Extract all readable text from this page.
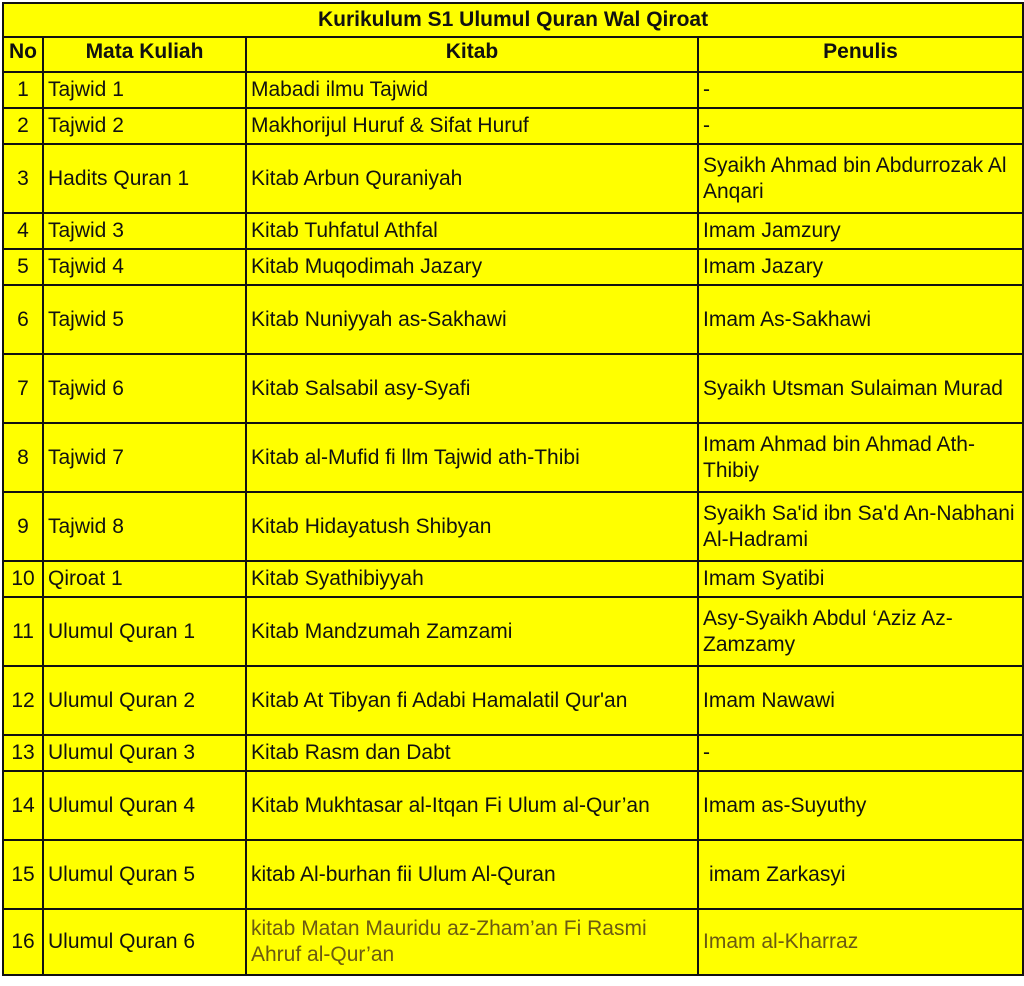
Kurikulum S1 Ulumul Quran Wal Qiroat			
No	Mata Kuliah	Kitab	Penulis
1	Tajwid 1	Mabadi ilmu Tajwid	-
2	Tajwid 2	Makhorijul Huruf & Sifat Huruf	-
3	Hadits Quran 1	Kitab Arbun Quraniyah	Syaikh Ahmad bin Abdurrozak Al Anqari
4	Tajwid 3	Kitab Tuhfatul Athfal	Imam Jamzury
5	Tajwid 4	Kitab Muqodimah Jazary	Imam Jazary
6	Tajwid 5	Kitab Nuniyyah as-Sakhawi	Imam As-Sakhawi
7	Tajwid 6	Kitab Salsabil asy-Syafi	Syaikh Utsman Sulaiman Murad
8	Tajwid 7	Kitab al-Mufid fi llm Tajwid ath-Thibi	Imam Ahmad bin Ahmad Ath-Thibiy
9	Tajwid 8	Kitab Hidayatush Shibyan	Syaikh Sa'id ibn Sa'd An-Nabhani Al-Hadrami
10	Qiroat 1	Kitab Syathibiyyah	Imam Syatibi
11	Ulumul Quran 1	Kitab Mandzumah Zamzami	Asy-Syaikh Abdul ‘Aziz Az-Zamzamy
12	Ulumul Quran 2	Kitab At Tibyan fi Adabi Hamalatil Qur'an	Imam Nawawi
13	Ulumul Quran 3	Kitab Rasm dan Dabt	-
14	Ulumul Quran 4	Kitab Mukhtasar al-Itqan Fi Ulum al-Qur’an	Imam as-Suyuthy
15	Ulumul Quran 5	kitab Al-burhan fii Ulum Al-Quran	imam Zarkasyi
16	Ulumul Quran 6	kitab Matan Mauridu az-Zham’an Fi Rasmi Ahruf al-Qur’an	Imam al-Kharraz
